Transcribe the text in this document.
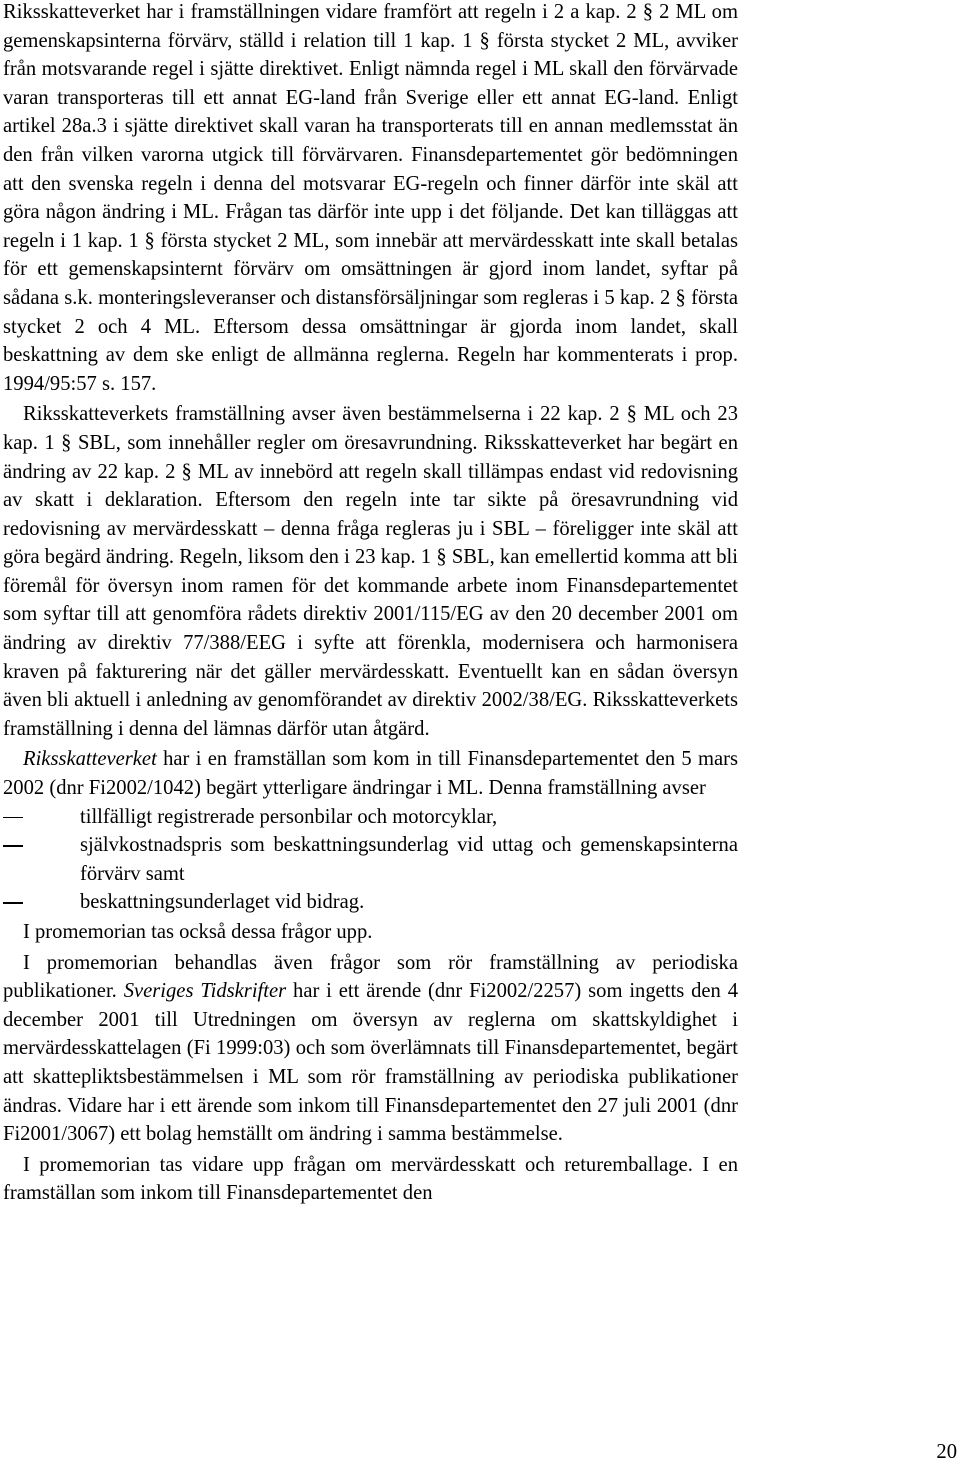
Riksskatteverket har i framställningen vidare framfört att regeln i 2 a kap. 2 § 2 ML om gemenskapsinterna förvärv, ställd i relation till 1 kap. 1 § första stycket 2 ML, avviker från motsvarande regel i sjätte direktivet. Enligt nämnda regel i ML skall den förvärvade varan transporteras till ett annat EG-land från Sverige eller ett annat EG-land. Enligt artikel 28a.3 i sjätte direktivet skall varan ha transporterats till en annan medlemsstat än den från vilken varorna utgick till förvärvaren. Finansdepartementet gör bedömningen att den svenska regeln i denna del motsvarar EG-regeln och finner därför inte skäl att göra någon ändring i ML. Frågan tas därför inte upp i det följande. Det kan tilläggas att regeln i 1 kap. 1 § första stycket 2 ML, som innebär att mervärdesskatt inte skall betalas för ett gemenskapsinternt förvärv om omsättningen är gjord inom landet, syftar på sådana s.k. monteringsleveranser och distansförsäljningar som regleras i 5 kap. 2 § första stycket 2 och 4 ML. Eftersom dessa omsättningar är gjorda inom landet, skall beskattning av dem ske enligt de allmänna reglerna. Regeln har kommenterats i prop. 1994/95:57 s. 157.

Riksskatteverkets framställning avser även bestämmelserna i 22 kap. 2 § ML och 23 kap. 1 § SBL, som innehåller regler om öresavrundning. Riksskatteverket har begärt en ändring av 22 kap. 2 § ML av innebörd att regeln skall tillämpas endast vid redovisning av skatt i deklaration. Eftersom den regeln inte tar sikte på öresavrundning vid redovisning av mervärdesskatt – denna fråga regleras ju i SBL – föreligger inte skäl att göra begärd ändring. Regeln, liksom den i 23 kap. 1 § SBL, kan emellertid komma att bli föremål för översyn inom ramen för det kommande arbete inom Finansdepartementet som syftar till att genomföra rådets direktiv 2001/115/EG av den 20 december 2001 om ändring av direktiv 77/388/EEG i syfte att förenkla, modernisera och harmonisera kraven på fakturering när det gäller mervärdesskatt. Eventuellt kan en sådan översyn även bli aktuell i anledning av genomförandet av direktiv 2002/38/EG. Riksskatteverkets framställning i denna del lämnas därför utan åtgärd.

Riksskatteverket har i en framställan som kom in till Finansdepartementet den 5 mars 2002 (dnr Fi2002/1042) begärt ytterligare ändringar i ML. Denna framställning avser

tillfälligt registrerade personbilar och motorcyklar,
självkostnadspris som beskattningsunderlag vid uttag och gemenskapsinterna förvärv samt
beskattningsunderlaget vid bidrag.

I promemorian tas också dessa frågor upp.

I promemorian behandlas även frågor som rör framställning av periodiska publikationer. Sveriges Tidskrifter har i ett ärende (dnr Fi2002/2257) som ingetts den 4 december 2001 till Utredningen om översyn av reglerna om skattskyldighet i mervärdesskattelagen (Fi 1999:03) och som överlämnats till Finansdepartementet, begärt att skattepliktsbestämmelsen i ML som rör framställning av periodiska publikationer ändras. Vidare har i ett ärende som inkom till Finansdepartementet den 27 juli 2001 (dnr Fi2001/3067) ett bolag hemställt om ändring i samma bestämmelse.

I promemorian tas vidare upp frågan om mervärdesskatt och returemballage. I en framställan som inkom till Finansdepartementet den

20
